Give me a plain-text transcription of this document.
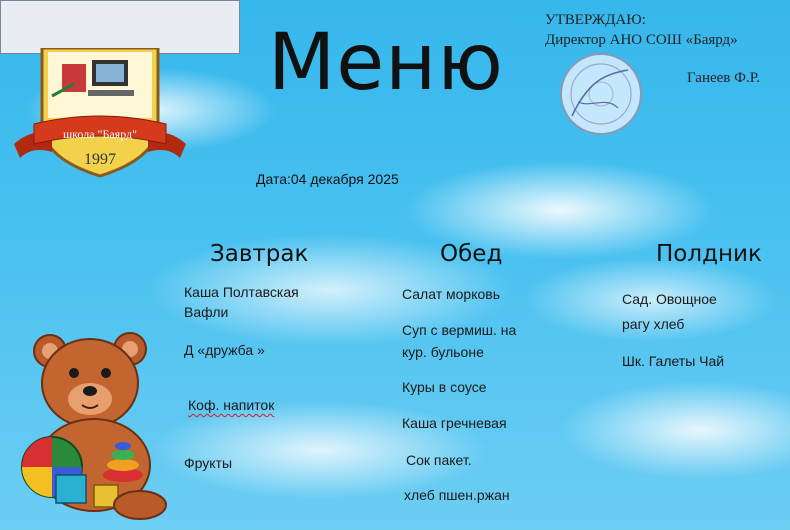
школа "Баярд"
1997
Меню	УТВЕРЖДАЮ:
Директор АНО СОШ «Баярд»
Ганеев Ф.Р.
Дата:04 декабря 2025
Завтрак
Каша Полтавская
Вафли
Д «дружба »
Коф. напиток
Фрукты
Обед
Салат морковь
Суп с вермиш. на
кур. бульоне
Куры в соусе
Каша гречневая
Сок пакет.
хлеб пшен.ржан
Полдник
Сад. Овощное
рагу хлеб
Шк. Галеты Чай
